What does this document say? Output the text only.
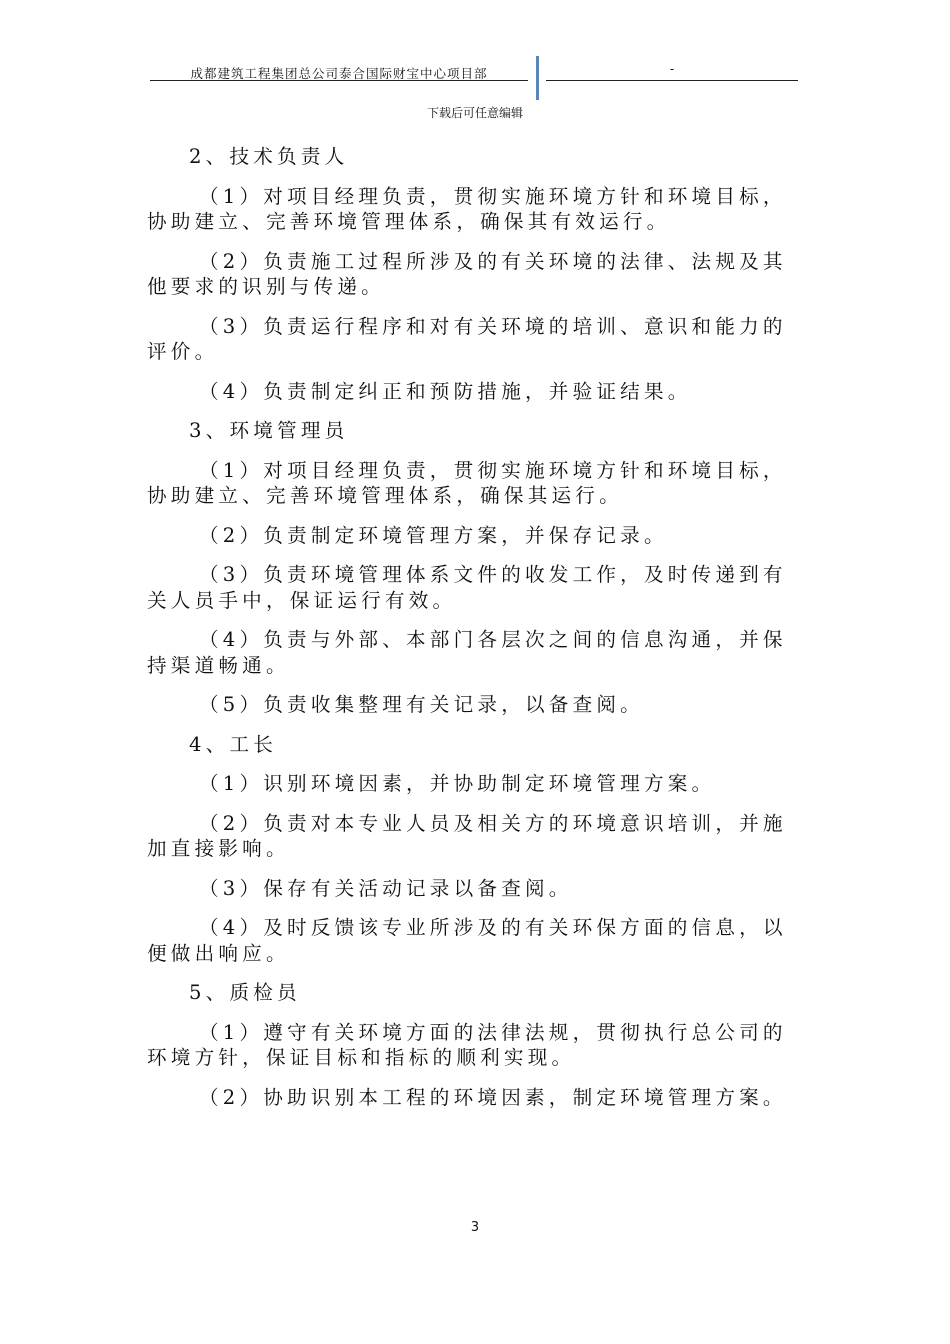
成都建筑工程集团总公司泰合国际财宝中心项目部	-
下载后可任意编辑

2、技术负责人

（1）对项目经理负责，贯彻实施环境方针和环境目标，协助建立、完善环境管理体系，确保其有效运行。

（2）负责施工过程所涉及的有关环境的法律、法规及其他要求的识别与传递。

（3）负责运行程序和对有关环境的培训、意识和能力的评价。

（4）负责制定纠正和预防措施，并验证结果。

3、环境管理员

（1）对项目经理负责，贯彻实施环境方针和环境目标，协助建立、完善环境管理体系，确保其运行。

（2）负责制定环境管理方案，并保存记录。

（3）负责环境管理体系文件的收发工作，及时传递到有关人员手中，保证运行有效。

（4）负责与外部、本部门各层次之间的信息沟通，并保持渠道畅通。

（5）负责收集整理有关记录，以备查阅。

4、工长

（1）识别环境因素，并协助制定环境管理方案。

（2）负责对本专业人员及相关方的环境意识培训，并施加直接影响。

（3）保存有关活动记录以备查阅。

（4）及时反馈该专业所涉及的有关环保方面的信息，以便做出响应。

5、质检员

（1）遵守有关环境方面的法律法规，贯彻执行总公司的环境方针，保证目标和指标的顺利实现。

（2）协助识别本工程的环境因素，制定环境管理方案。

3
